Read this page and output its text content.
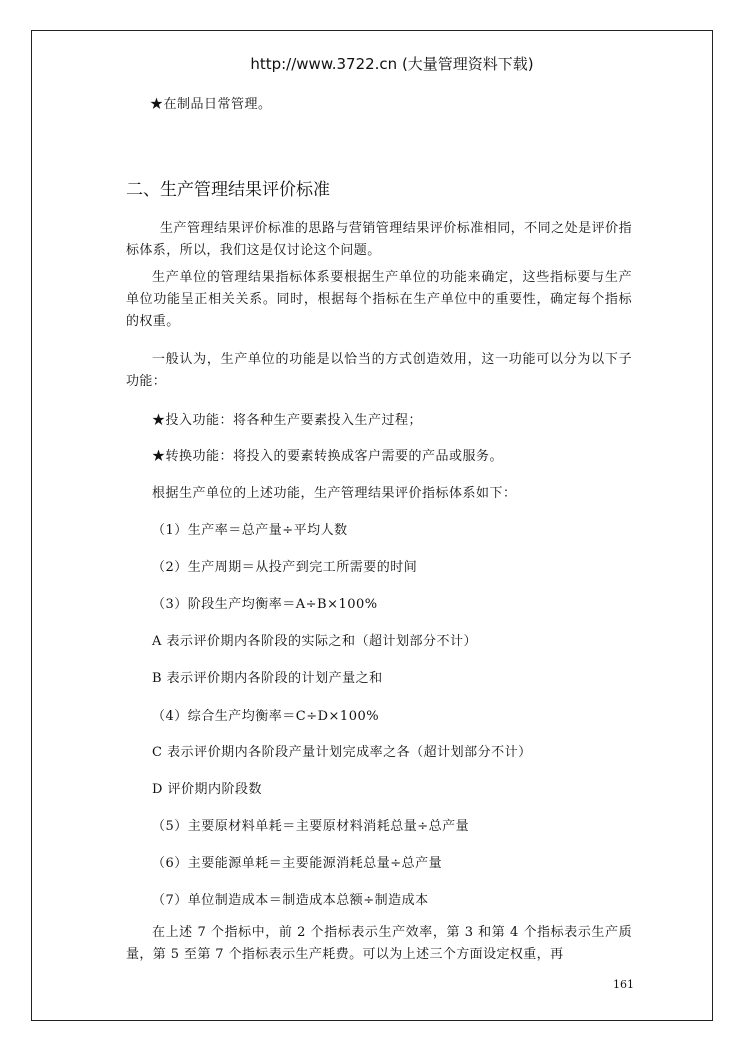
http://www.3722.cn (大量管理资料下载)
★在制品日常管理。
二、生产管理结果评价标准
生产管理结果评价标准的思路与营销管理结果评价标准相同，不同之处是评价指标体系，所以，我们这是仅讨论这个问题。
生产单位的管理结果指标体系要根据生产单位的功能来确定，这些指标要与生产单位功能呈正相关关系。同时，根据每个指标在生产单位中的重要性，确定每个指标的权重。
一般认为，生产单位的功能是以恰当的方式创造效用，这一功能可以分为以下子功能：
★投入功能：将各种生产要素投入生产过程；
★转换功能：将投入的要素转换成客户需要的产品或服务。
根据生产单位的上述功能，生产管理结果评价指标体系如下：
（1）生产率＝总产量÷平均人数
（2）生产周期＝从投产到完工所需要的时间
（3）阶段生产均衡率＝A÷B×100%
A 表示评价期内各阶段的实际之和（超计划部分不计）
B 表示评价期内各阶段的计划产量之和
（4）综合生产均衡率＝C÷D×100%
C 表示评价期内各阶段产量计划完成率之各（超计划部分不计）
D 评价期内阶段数
（5）主要原材料单耗＝主要原材料消耗总量÷总产量
（6）主要能源单耗＝主要能源消耗总量÷总产量
（7）单位制造成本＝制造成本总额÷制造成本
在上述 7 个指标中，前 2 个指标表示生产效率，第 3 和第 4 个指标表示生产质量，第 5 至第 7 个指标表示生产耗费。可以为上述三个方面设定权重，再
161
